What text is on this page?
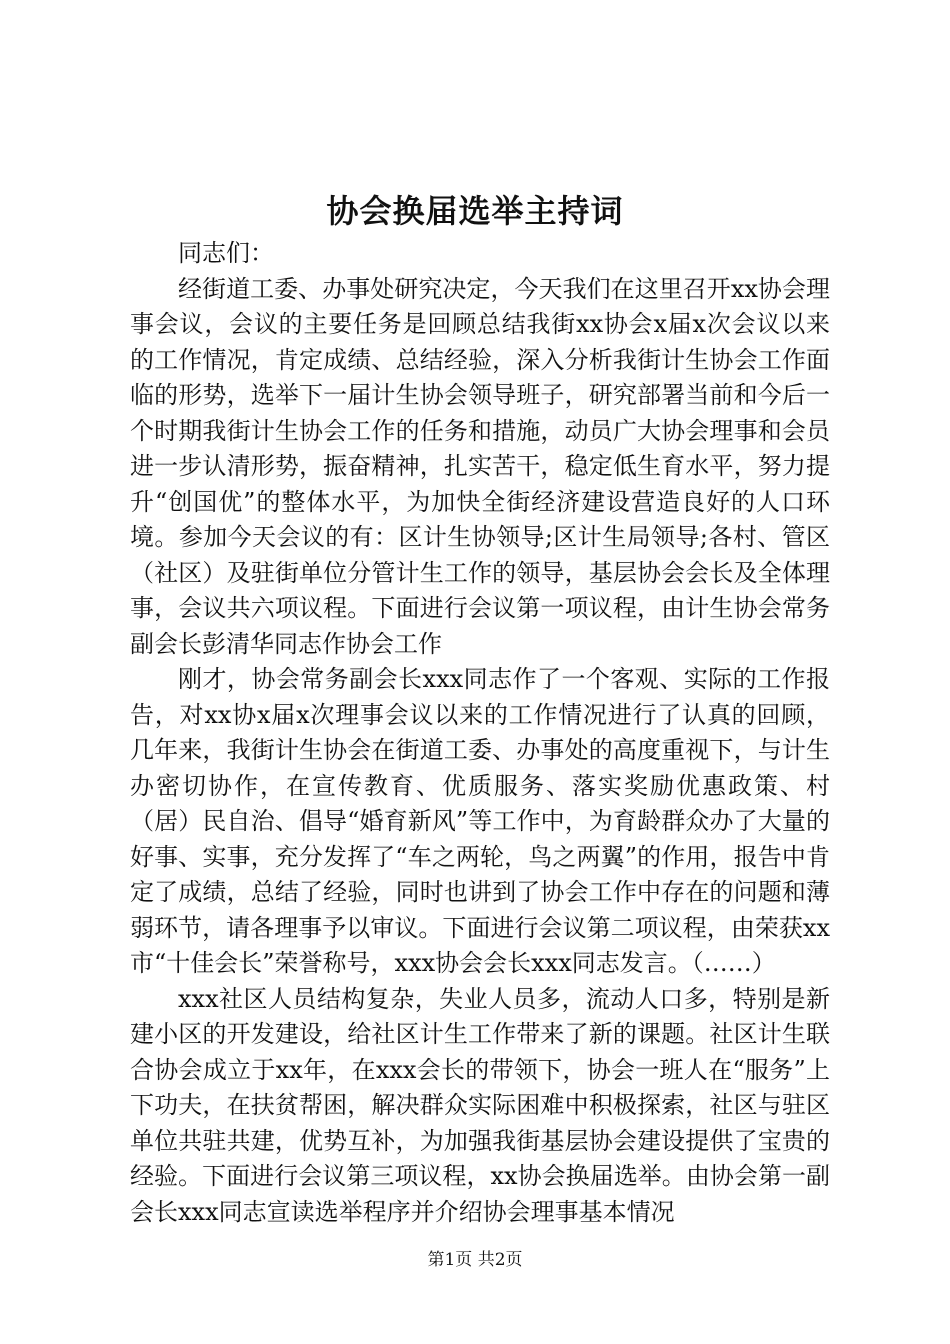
协会换届选举主持词

同志们：

经街道工委、办事处研究决定，今天我们在这里召开xx协会理事会议，会议的主要任务是回顾总结我街xx协会x届x次会议以来的工作情况，肯定成绩、总结经验，深入分析我街计生协会工作面临的形势，选举下一届计生协会领导班子，研究部署当前和今后一个时期我街计生协会工作的任务和措施，动员广大协会理事和会员进一步认清形势，振奋精神，扎实苦干，稳定低生育水平，努力提升“创国优”的整体水平，为加快全街经济建设营造良好的人口环境。参加今天会议的有：区计生协领导;区计生局领导;各村、管区（社区）及驻街单位分管计生工作的领导，基层协会会长及全体理事，会议共六项议程。下面进行会议第一项议程，由计生协会常务副会长彭清华同志作协会工作

刚才，协会常务副会长xxx同志作了一个客观、实际的工作报告，对xx协x届x次理事会议以来的工作情况进行了认真的回顾，几年来，我街计生协会在街道工委、办事处的高度重视下，与计生办密切协作，在宣传教育、优质服务、落实奖励优惠政策、村（居）民自治、倡导“婚育新风”等工作中，为育龄群众办了大量的好事、实事，充分发挥了“车之两轮，鸟之两翼”的作用，报告中肯定了成绩，总结了经验，同时也讲到了协会工作中存在的问题和薄弱环节，请各理事予以审议。下面进行会议第二项议程，由荣获xx市“十佳会长”荣誉称号，xxx协会会长xxx同志发言。（……）

xxx社区人员结构复杂，失业人员多，流动人口多，特别是新建小区的开发建设，给社区计生工作带来了新的课题。社区计生联合协会成立于xx年，在xxx会长的带领下，协会一班人在“服务”上下功夫，在扶贫帮困，解决群众实际困难中积极探索，社区与驻区单位共驻共建，优势互补，为加强我街基层协会建设提供了宝贵的经验。下面进行会议第三项议程，xx协会换届选举。由协会第一副会长xxx同志宣读选举程序并介绍协会理事基本情况

第1页 共2页
